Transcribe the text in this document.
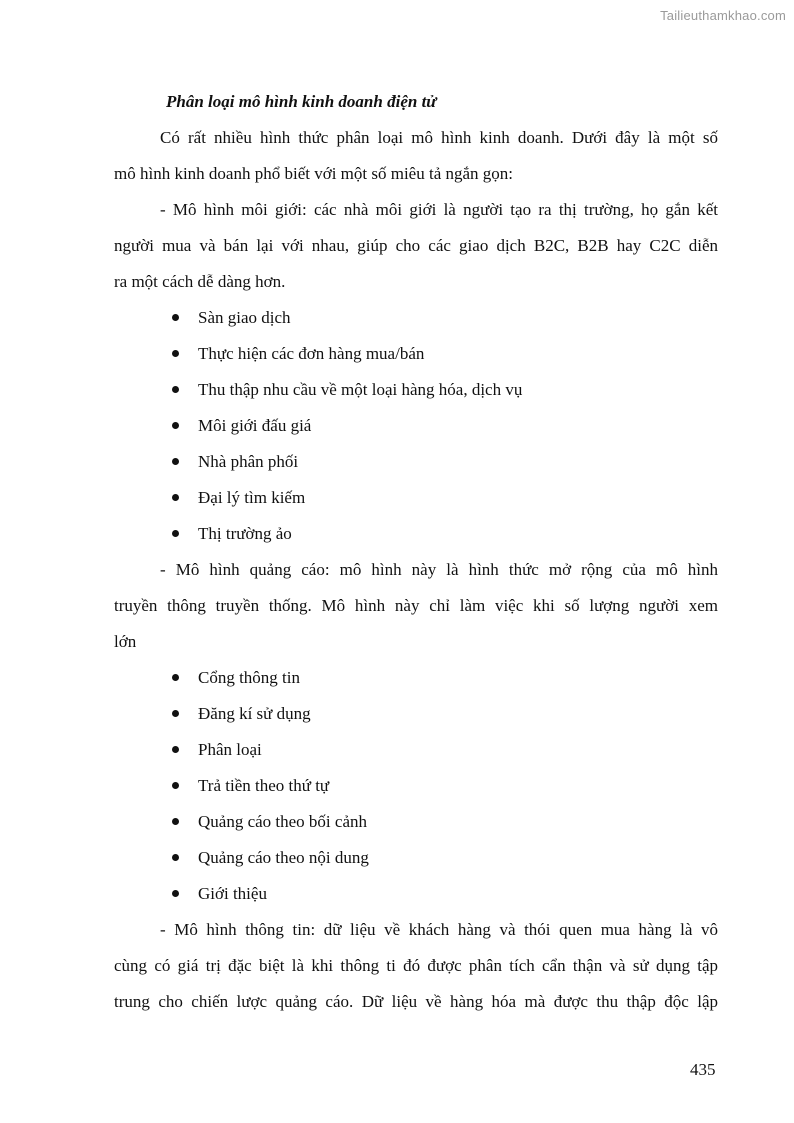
Tailieuthamkhao.com
Phân loại mô hình kinh doanh điện tử
Có rất nhiều hình thức phân loại mô hình kinh doanh. Dưới đây là một số
mô hình kinh doanh phổ biết với một số miêu tả ngắn gọn:
- Mô hình môi giới: các nhà môi giới là người tạo ra thị trường, họ gắn kết
người mua và bán lại với nhau, giúp cho các giao dịch B2C, B2B hay C2C diễn
ra một cách dễ dàng hơn.
Sàn giao dịch
Thực hiện các đơn hàng mua/bán
Thu thập nhu cầu về một loại hàng hóa, dịch vụ
Môi giới đấu giá
Nhà phân phối
Đại lý tìm kiếm
Thị trường ảo
- Mô hình quảng cáo: mô hình này là hình thức mở rộng của mô hình
truyền thông truyền thống. Mô hình này chỉ làm việc khi số lượng người xem
lớn
Cổng thông tin
Đăng kí sử dụng
Phân loại
Trả tiền theo thứ tự
Quảng cáo theo bối cảnh
Quảng cáo theo nội dung
Giới thiệu
- Mô hình thông tin: dữ liệu về khách hàng và thói quen mua hàng là vô
cùng có giá trị đặc biệt là khi thông ti đó được phân tích cẩn thận và sử dụng tập
trung cho chiến lược quảng cáo. Dữ liệu về hàng hóa mà được thu thập độc lập
435
